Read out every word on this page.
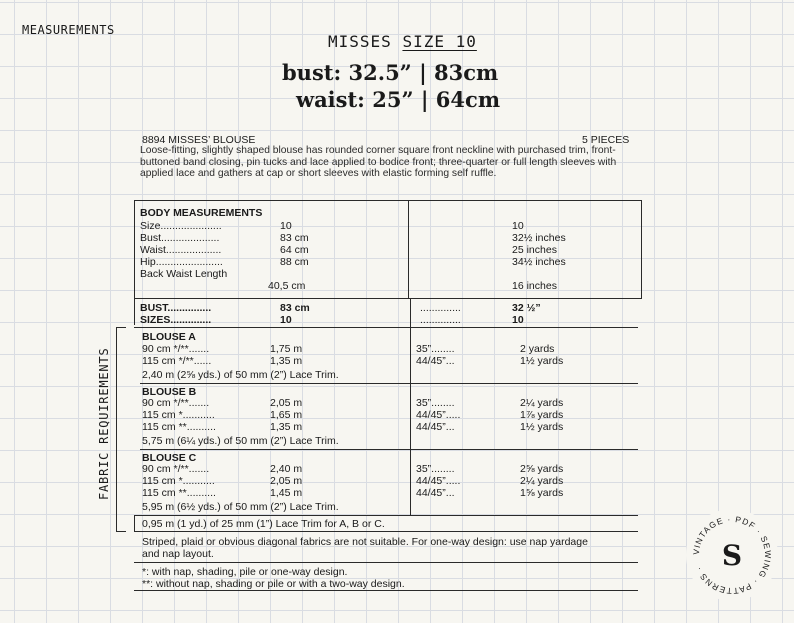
MEASUREMENTS
MISSES SIZE 10
bust: 32.5” | 83cm
waist: 25” | 64cm
8894 MISSES’ BLOUSE	5 PIECES
Loose-fitting, slightly shaped blouse has rounded corner square front neckline with purchased trim, front-buttoned band closing, pin tucks and lace applied to bodice front; three-quarter or full length sleeves with applied lace and gathers at cap or short sleeves with elastic forming self ruffle.
BODY MEASUREMENTS
Size.....................	10	10
Bust....................	83 cm	32½ inches
Waist...................	64 cm	25 inches
Hip.......................	88 cm	34½ inches
Back Waist Length
40,5 cm	16 inches
BUST...............	83 cm	..............	32 ½”
SIZES..............	10	..............	10
FABRIC REQUIREMENTS
BLOUSE A
90 cm */**.......	1,75 m	35”........	2 yards
115 cm */**......	1,35 m	44/45”...	1½ yards
2,40 m (2⅝ yds.) of 50 mm (2”) Lace Trim.
BLOUSE B
90 cm */**.......	2,05 m	35”........	2¼ yards
115 cm *...........	1,65 m	44/45”.....	1⅞ yards
115 cm **..........	1,35 m	44/45”...	1½ yards
5,75 m (6¼ yds.) of 50 mm (2”) Lace Trim.
BLOUSE C
90 cm */**.......	2,40 m	35”........	2⅝ yards
115 cm *...........	2,05 m	44/45”.....	2¼ yards
115 cm **..........	1,45 m	44/45”...	1⅝ yards
5,95 m (6½ yds.) of 50 mm (2”) Lace Trim.
0,95 m (1 yd.) of 25 mm (1”) Lace Trim for A, B or C.
Striped, plaid or obvious diagonal fabrics are not suitable. For one-way design: use nap yardage
and nap layout.
*: with nap, shading, pile or one-way design.
**: without nap, shading or pile or with a two-way design.
VINTAGE · PDF · SEWING · PATTERNS · S
